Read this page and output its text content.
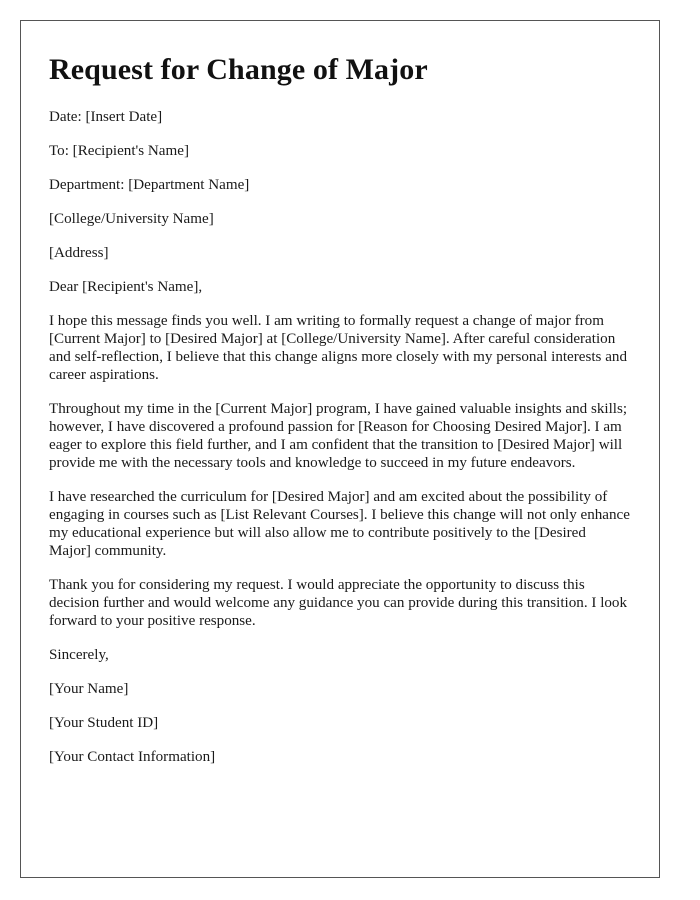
Request for Change of Major

Date: [Insert Date]

To: [Recipient's Name]

Department: [Department Name]

[College/University Name]

[Address]

Dear [Recipient's Name],

I hope this message finds you well. I am writing to formally request a change of major from [Current Major] to [Desired Major] at [College/University Name]. After careful consideration and self-reflection, I believe that this change aligns more closely with my personal interests and career aspirations.

Throughout my time in the [Current Major] program, I have gained valuable insights and skills; however, I have discovered a profound passion for [Reason for Choosing Desired Major]. I am eager to explore this field further, and I am confident that the transition to [Desired Major] will provide me with the necessary tools and knowledge to succeed in my future endeavors.

I have researched the curriculum for [Desired Major] and am excited about the possibility of engaging in courses such as [List Relevant Courses]. I believe this change will not only enhance my educational experience but will also allow me to contribute positively to the [Desired Major] community.

Thank you for considering my request. I would appreciate the opportunity to discuss this decision further and would welcome any guidance you can provide during this transition. I look forward to your positive response.

Sincerely,

[Your Name]

[Your Student ID]

[Your Contact Information]
